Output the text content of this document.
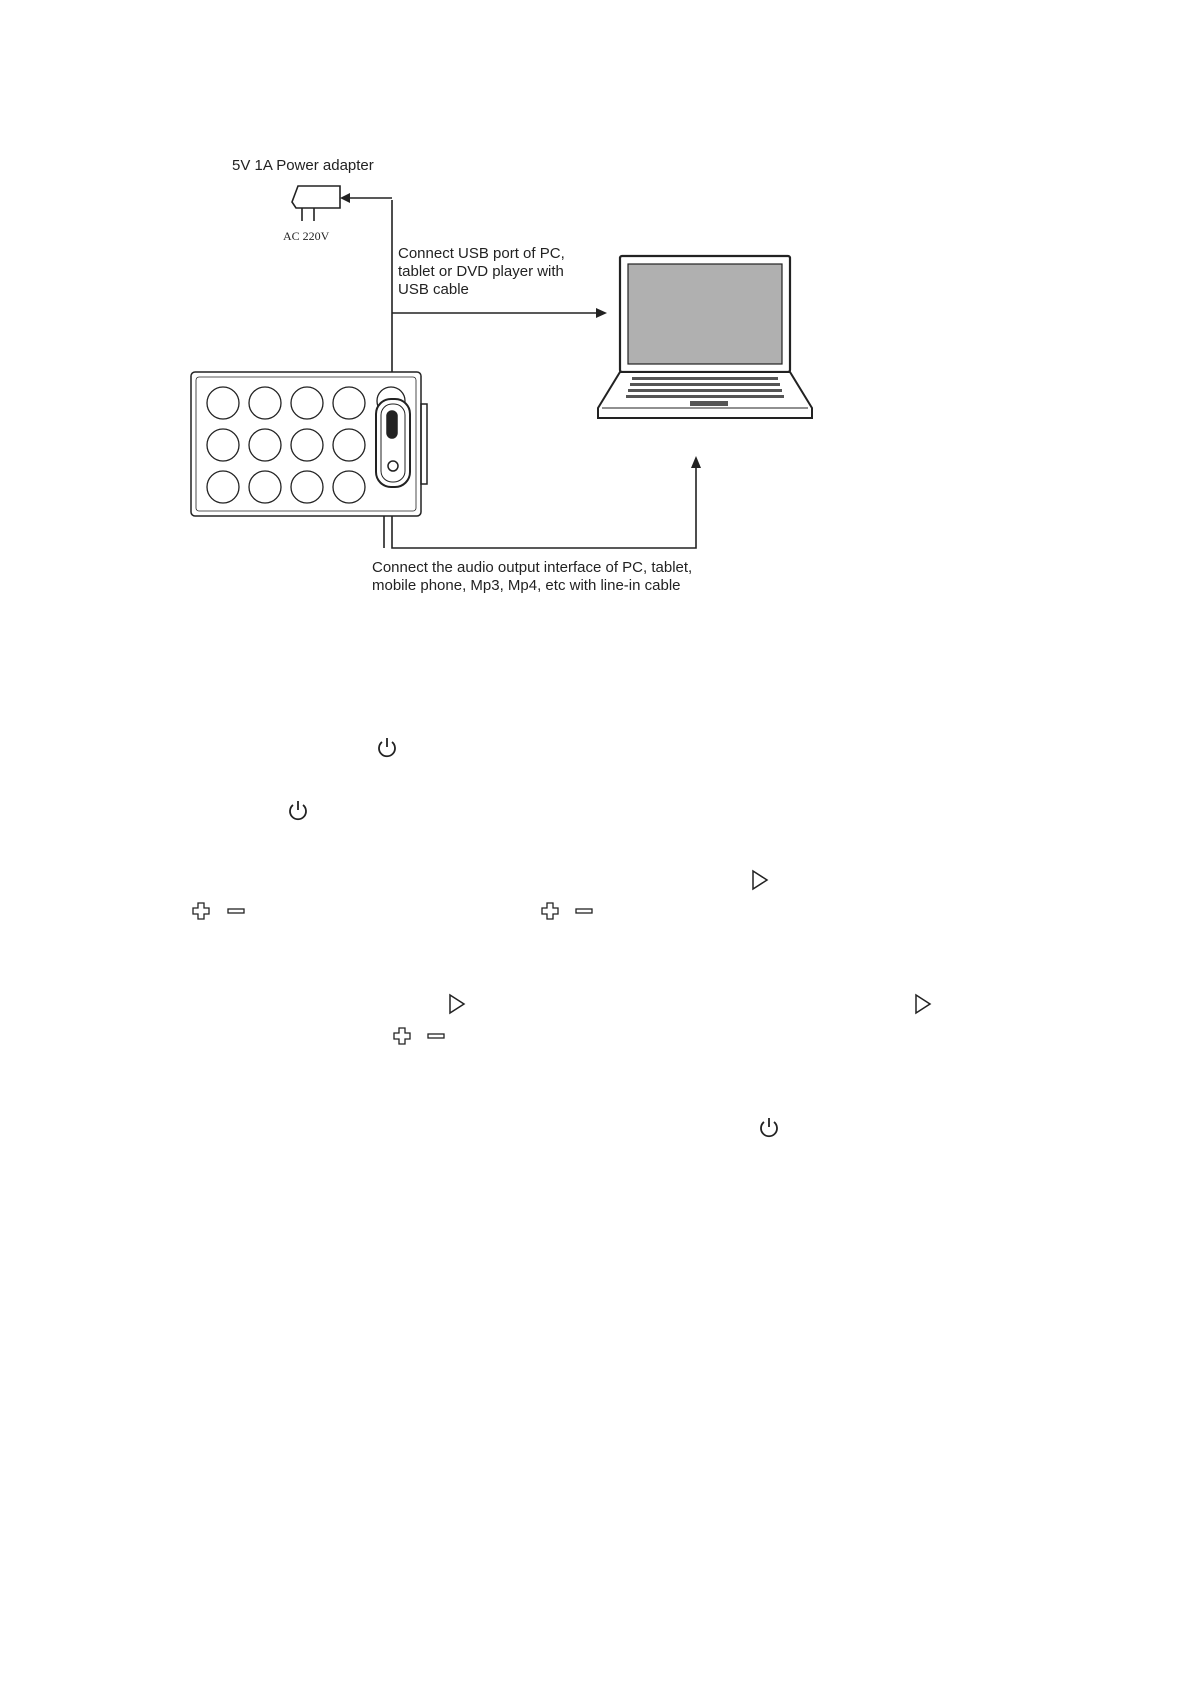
5V 1A Power adapter
AC 220V
Connect USB port of PC, tablet or DVD player with USB cable
Connect the audio output interface of PC, tablet, mobile phone, Mp3, Mp4, etc with line-in cable
